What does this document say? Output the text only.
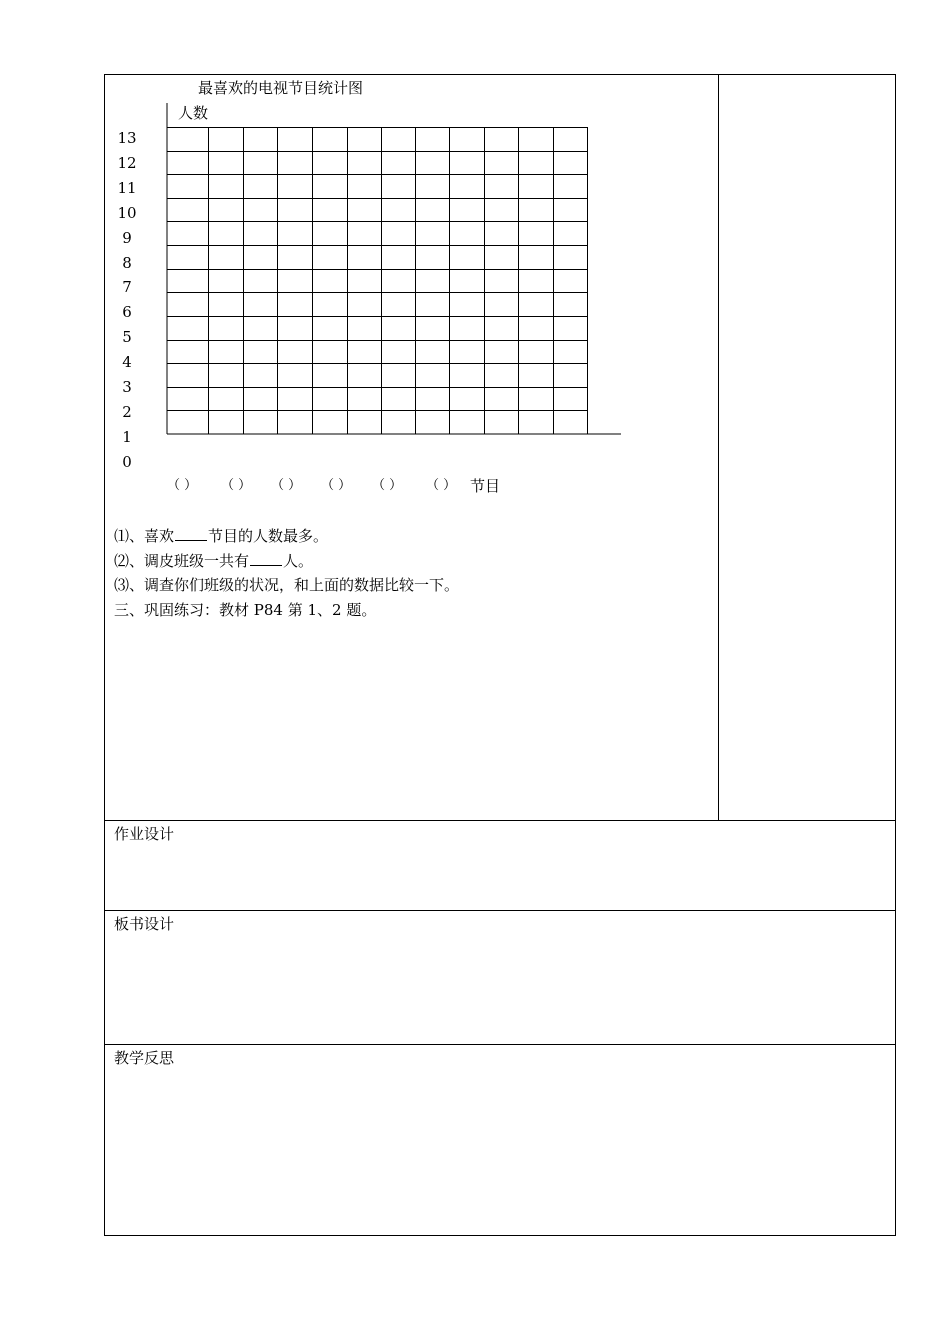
最喜欢的电视节目统计图
人数
13
12
11
10
9
8
7
6
5
4
3
2
1
0
（ ） （ ） （ ） （ ） （ ） （ ） 节目
⑴、喜欢 节目的人数最多。
⑵、调皮班级一共有 人。
⑶、调查你们班级的状况，和上面的数据比较一下。
三、巩固练习：教材 P84 第 1、2 题。
作业设计
板书设计
教学反思
